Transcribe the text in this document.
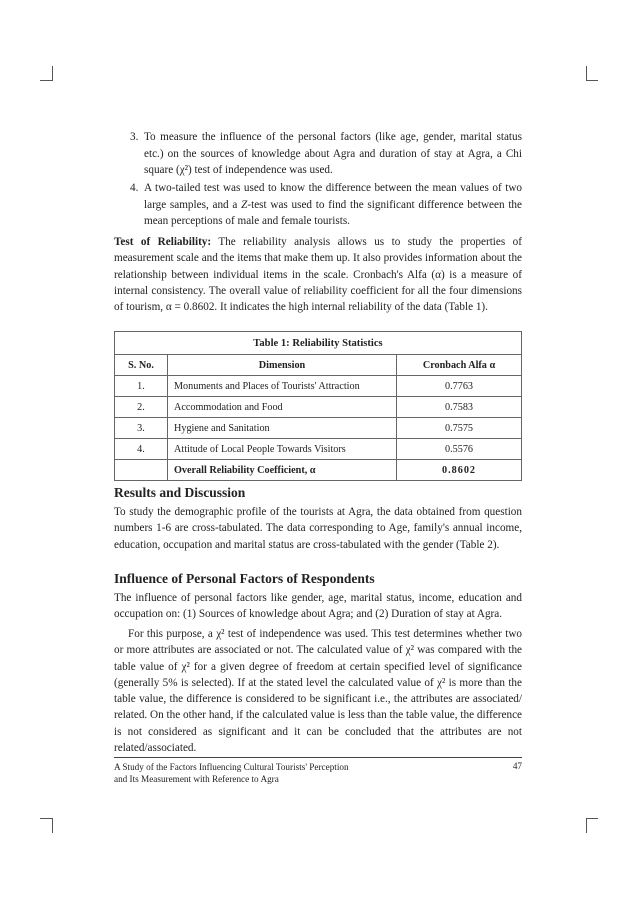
3. To measure the influence of the personal factors (like age, gender, marital status etc.) on the sources of knowledge about Agra and duration of stay at Agra, a Chi square (χ²) test of independence was used.
4. A two-tailed test was used to know the difference between the mean values of two large samples, and a Z-test was used to find the significant difference between the mean perceptions of male and female tourists.
Test of Reliability: The reliability analysis allows us to study the properties of measurement scale and the items that make them up. It also provides information about the relationship between individual items in the scale. Cronbach's Alfa (α) is a measure of internal consistency. The overall value of reliability coefficient for all the four dimensions of tourism, α = 0.8602. It indicates the high internal reliability of the data (Table 1).
Table 1: Reliability Statistics		
S. No.	Dimension	Cronbach Alfa α
1.	Monuments and Places of Tourists' Attraction	0.7763
2.	Accommodation and Food	0.7583
3.	Hygiene and Sanitation	0.7575
4.	Attitude of Local People Towards Visitors	0.5576
	Overall Reliability Coefficient, α	0.8602
Results and Discussion
To study the demographic profile of the tourists at Agra, the data obtained from question numbers 1-6 are cross-tabulated. The data corresponding to Age, family's annual income, education, occupation and marital status are cross-tabulated with the gender (Table 2).
Influence of Personal Factors of Respondents
The influence of personal factors like gender, age, marital status, income, education and occupation on: (1) Sources of knowledge about Agra; and (2) Duration of stay at Agra.
For this purpose, a χ² test of independence was used. This test determines whether two or more attributes are associated or not. The calculated value of χ² was compared with the table value of χ² for a given degree of freedom at certain specified level of significance (generally 5% is selected). If at the stated level the calculated value of χ² is more than the table value, the difference is considered to be significant i.e., the attributes are associated/ related. On the other hand, if the calculated value is less than the table value, the difference is not considered as significant and it can be concluded that the attributes are not related/associated.
A Study of the Factors Influencing Cultural Tourists' Perception
and Its Measurement with Reference to Agra
47
